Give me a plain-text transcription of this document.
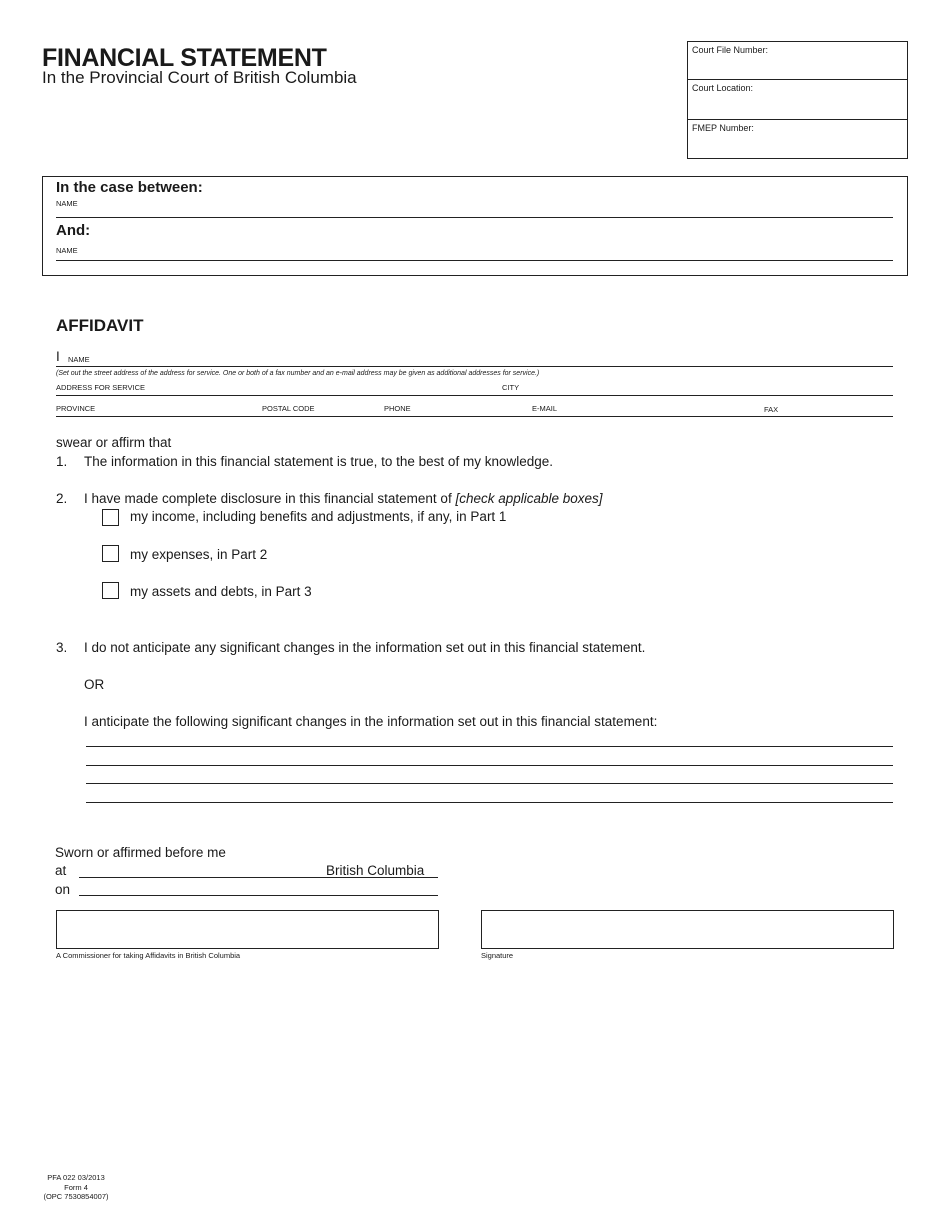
FINANCIAL STATEMENT
In the Provincial Court of British Columbia
Court File Number:
Court Location:
FMEP Number:
In the case between:
NAME
And:
NAME
AFFIDAVIT
I NAME
(Set out the street address of the address for service. One or both of a fax number and an e-mail address may be given as additional addresses for service.)
ADDRESS FOR SERVICE	CITY
PROVINCE	POSTAL CODE	PHONE	E-MAIL	FAX
swear or affirm that
1. The information in this financial statement is true, to the best of my knowledge.
2. I have made complete disclosure in this financial statement of [check applicable boxes]
my income, including benefits and adjustments, if any, in Part 1
my expenses, in Part 2
my assets and debts, in Part 3
3. I do not anticipate any significant changes in the information set out in this financial statement.
OR
I anticipate the following significant changes in the information set out in this financial statement:
Sworn or affirmed before me
at	British Columbia
on
A Commissioner for taking Affidavits in British Columbia	Signature
PFA 022 03/2013
Form 4
(OPC 7530854007)
